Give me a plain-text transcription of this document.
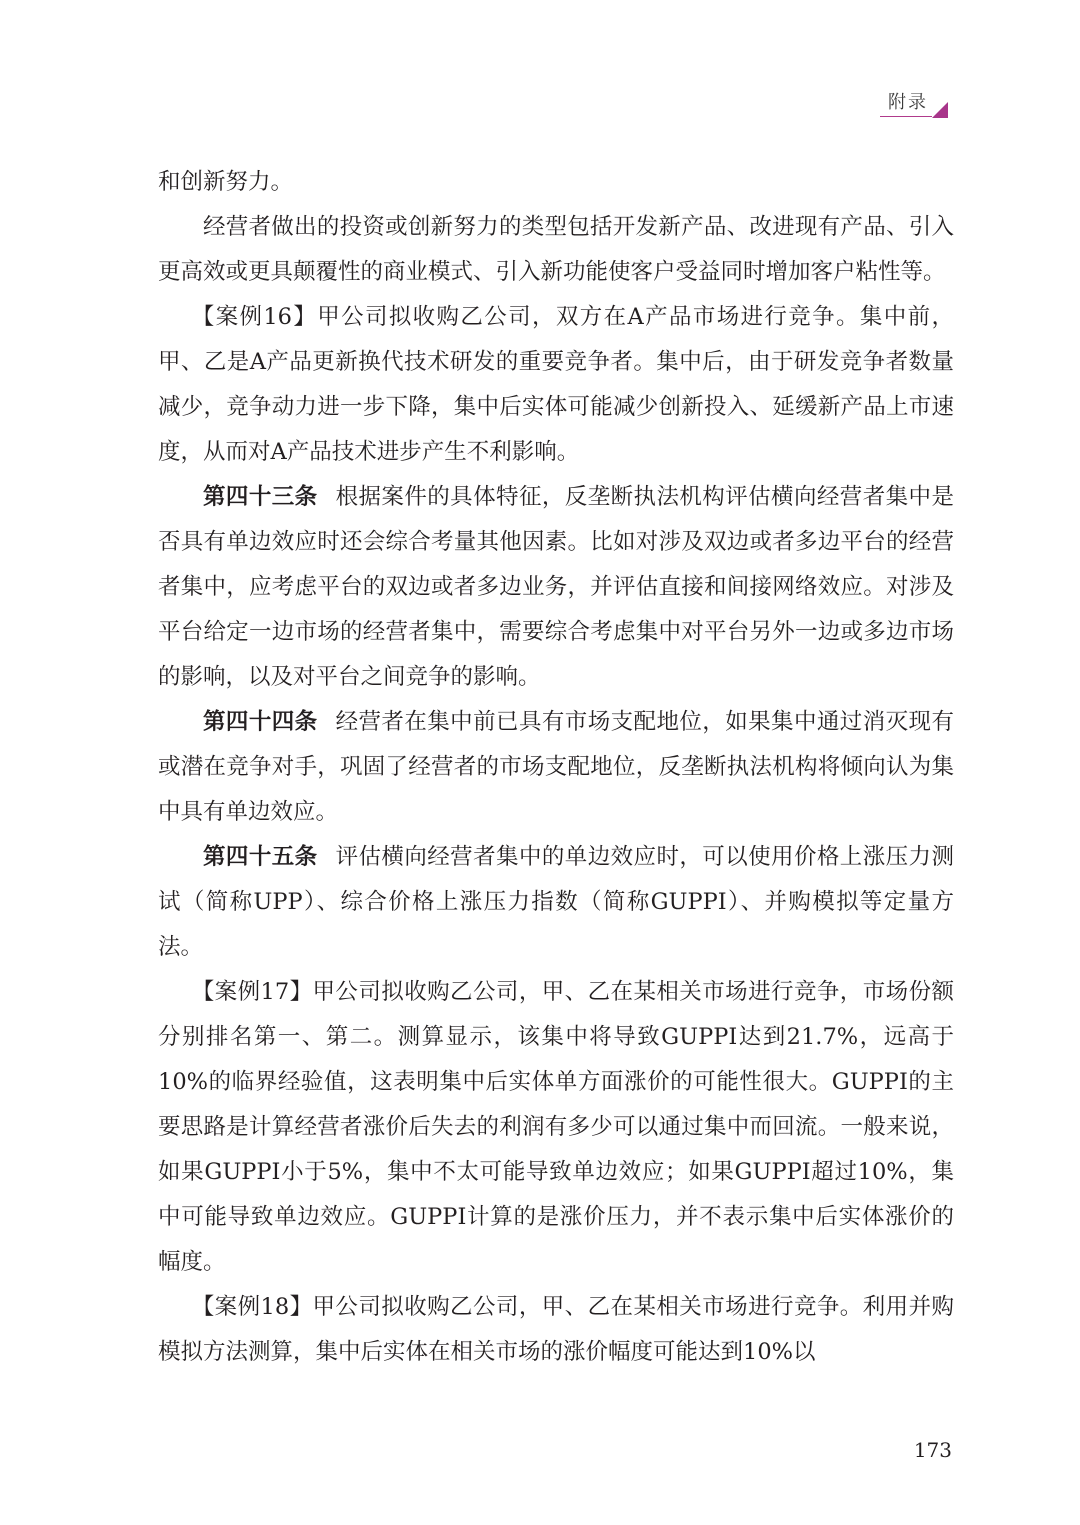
附录

和创新努力。

经营者做出的投资或创新努力的类型包括开发新产品、改进现有产品、引入更高效或更具颠覆性的商业模式、引入新功能使客户受益同时增加客户粘性等。

【案例16】甲公司拟收购乙公司，双方在A产品市场进行竞争。集中前，甲、乙是A产品更新换代技术研发的重要竞争者。集中后，由于研发竞争者数量减少，竞争动力进一步下降，集中后实体可能减少创新投入、延缓新产品上市速度，从而对A产品技术进步产生不利影响。

第四十三条 根据案件的具体特征，反垄断执法机构评估横向经营者集中是否具有单边效应时还会综合考量其他因素。比如对涉及双边或者多边平台的经营者集中，应考虑平台的双边或者多边业务，并评估直接和间接网络效应。对涉及平台给定一边市场的经营者集中，需要综合考虑集中对平台另外一边或多边市场的影响，以及对平台之间竞争的影响。

第四十四条 经营者在集中前已具有市场支配地位，如果集中通过消灭现有或潜在竞争对手，巩固了经营者的市场支配地位，反垄断执法机构将倾向认为集中具有单边效应。

第四十五条 评估横向经营者集中的单边效应时，可以使用价格上涨压力测试（简称UPP）、综合价格上涨压力指数（简称GUPPI）、并购模拟等定量方法。

【案例17】甲公司拟收购乙公司，甲、乙在某相关市场进行竞争，市场份额分别排名第一、第二。测算显示，该集中将导致GUPPI达到21.7%，远高于10%的临界经验值，这表明集中后实体单方面涨价的可能性很大。GUPPI的主要思路是计算经营者涨价后失去的利润有多少可以通过集中而回流。一般来说，如果GUPPI小于5%，集中不太可能导致单边效应；如果GUPPI超过10%，集中可能导致单边效应。GUPPI计算的是涨价压力，并不表示集中后实体涨价的幅度。

【案例18】甲公司拟收购乙公司，甲、乙在某相关市场进行竞争。利用并购模拟方法测算，集中后实体在相关市场的涨价幅度可能达到10%以

173
